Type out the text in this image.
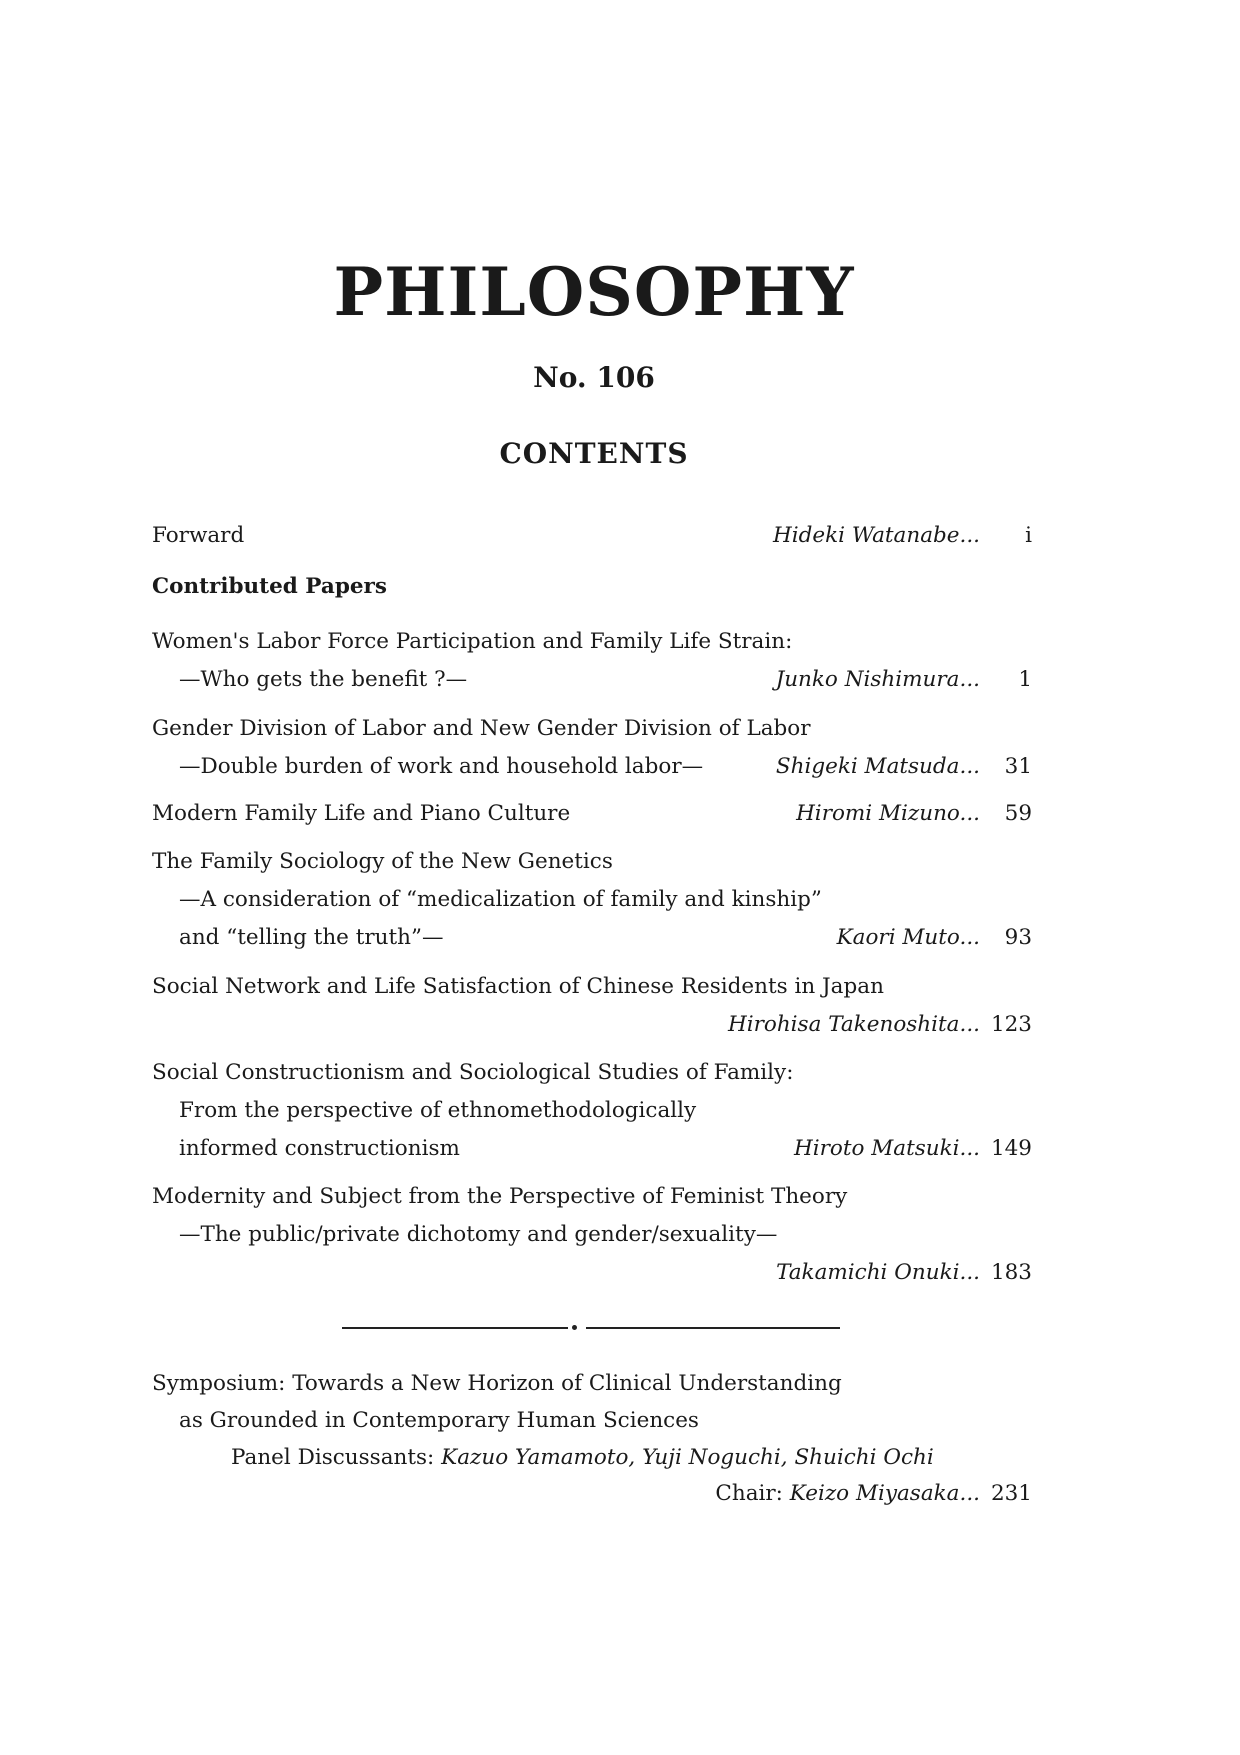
PHILOSOPHY
No. 106
CONTENTS
Forward	Hideki Watanabe...	i
Contributed Papers
Women's Labor Force Participation and Family Life Strain:
—Who gets the benefit ?—	Junko Nishimura...	1
Gender Division of Labor and New Gender Division of Labor
—Double burden of work and household labor—	Shigeki Matsuda...	31
Modern Family Life and Piano Culture	Hiromi Mizuno...	59
The Family Sociology of the New Genetics
—A consideration of “medicalization of family and kinship”
and “telling the truth”—	Kaori Muto...	93
Social Network and Life Satisfaction of Chinese Residents in Japan
Hirohisa Takenoshita... 123
Social Constructionism and Sociological Studies of Family:
From the perspective of ethnomethodologically
informed constructionism	Hiroto Matsuki... 149
Modernity and Subject from the Perspective of Feminist Theory
—The public/private dichotomy and gender/sexuality—
Takamichi Onuki... 183
Symposium: Towards a New Horizon of Clinical Understanding
as Grounded in Contemporary Human Sciences
Panel Discussants: Kazuo Yamamoto, Yuji Noguchi, Shuichi Ochi
Chair: Keizo Miyasaka... 231
